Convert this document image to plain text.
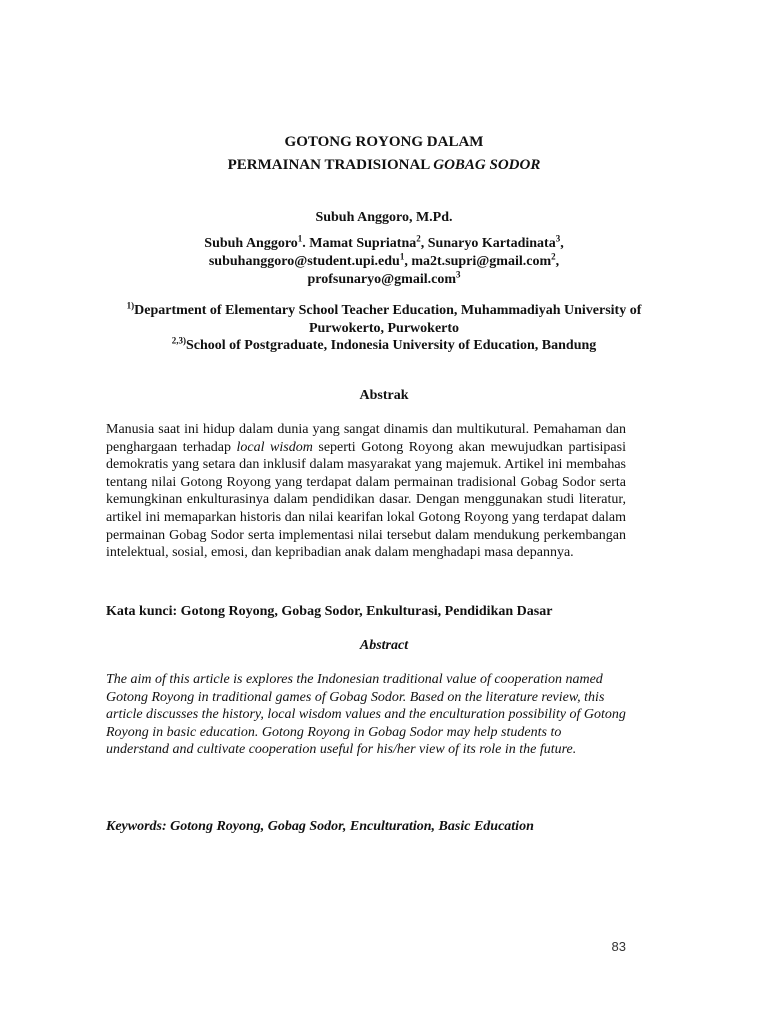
GOTONG ROYONG DALAM
PERMAINAN TRADISIONAL GOBAG SODOR
Subuh Anggoro, M.Pd.
Subuh Anggoro$^1$. Mamat Supriatna$^2$, Sunaryo Kartadinata$^3$,
subuhanggoro@student.upi.edu$^1$, ma2t.supri@gmail.com$^2$,
profsunaryo@gmail.com$^3$
$^{1)}$Department of Elementary School Teacher Education, Muhammadiyah University of Purwokerto, Purwokerto
$^{2,3)}$School of Postgraduate, Indonesia University of Education, Bandung
Abstrak
Manusia saat ini hidup dalam dunia yang sangat dinamis dan multikutural. Pemahaman dan penghargaan terhadap local wisdom seperti Gotong Royong akan mewujudkan partisipasi demokratis yang setara dan inklusif dalam masyarakat yang majemuk. Artikel ini membahas tentang nilai Gotong Royong yang terdapat dalam permainan tradisional Gobag Sodor serta kemungkinan enkulturasinya dalam pendidikan dasar. Dengan menggunakan studi literatur, artikel ini memaparkan historis dan nilai kearifan lokal Gotong Royong yang terdapat dalam permainan Gobag Sodor serta implementasi nilai tersebut dalam mendukung perkembangan intelektual, sosial, emosi, dan kepribadian anak dalam menghadapi masa depannya.
Kata kunci: Gotong Royong, Gobag Sodor, Enkulturasi, Pendidikan Dasar
Abstract
The aim of this article is explores the Indonesian traditional value of cooperation named Gotong Royong in traditional games of Gobag Sodor. Based on the literature review, this article discusses the history, local wisdom values and the enculturation possibility of Gotong Royong in basic education. Gotong Royong in Gobag Sodor may help students to understand and cultivate cooperation useful for his/her view of its role in the future.
Keywords: Gotong Royong, Gobag Sodor, Enculturation, Basic Education
83
